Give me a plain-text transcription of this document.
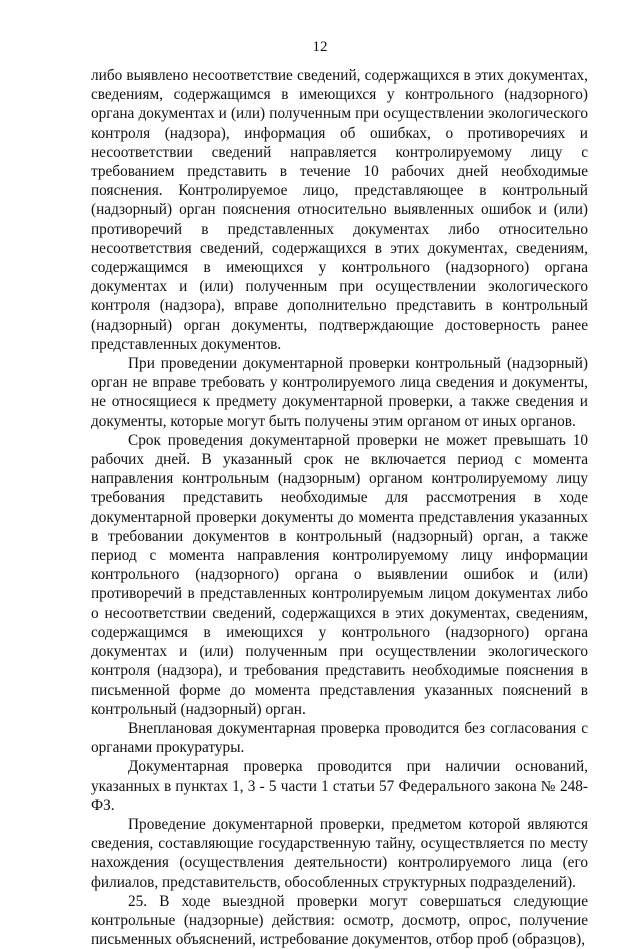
12

либо выявлено несоответствие сведений, содержащихся в этих документах, сведениям, содержащимся в имеющихся у контрольного (надзорного) органа документах и (или) полученным при осуществлении экологического контроля (надзора), информация об ошибках, о противоречиях и несоответствии сведений направляется контролируемому лицу с требованием представить в течение 10 рабочих дней необходимые пояснения. Контролируемое лицо, представляющее в контрольный (надзорный) орган пояснения относительно выявленных ошибок и (или) противоречий в представленных документах либо относительно несоответствия сведений, содержащихся в этих документах, сведениям, содержащимся в имеющихся у контрольного (надзорного) органа документах и (или) полученным при осуществлении экологического контроля (надзора), вправе дополнительно представить в контрольный (надзорный) орган документы, подтверждающие достоверность ранее представленных документов.

При проведении документарной проверки контрольный (надзорный) орган не вправе требовать у контролируемого лица сведения и документы, не относящиеся к предмету документарной проверки, а также сведения и документы, которые могут быть получены этим органом от иных органов.

Срок проведения документарной проверки не может превышать 10 рабочих дней. В указанный срок не включается период с момента направления контрольным (надзорным) органом контролируемому лицу требования представить необходимые для рассмотрения в ходе документарной проверки документы до момента представления указанных в требовании документов в контрольный (надзорный) орган, а также период с момента направления контролируемому лицу информации контрольного (надзорного) органа о выявлении ошибок и (или) противоречий в представленных контролируемым лицом документах либо о несоответствии сведений, содержащихся в этих документах, сведениям, содержащимся в имеющихся у контрольного (надзорного) органа документах и (или) полученным при осуществлении экологического контроля (надзора), и требования представить необходимые пояснения в письменной форме до момента представления указанных пояснений в контрольный (надзорный) орган.

Внеплановая документарная проверка проводится без согласования с органами прокуратуры.

Документарная проверка проводится при наличии оснований, указанных в пунктах 1, 3 - 5 части 1 статьи 57 Федерального закона № 248-ФЗ.

Проведение документарной проверки, предметом которой являются сведения, составляющие государственную тайну, осуществляется по месту нахождения (осуществления деятельности) контролируемого лица (его филиалов, представительств, обособленных структурных подразделений).

25. В ходе выездной проверки могут совершаться следующие контрольные (надзорные) действия: осмотр, досмотр, опрос, получение письменных объяснений, истребование документов, отбор проб (образцов),
